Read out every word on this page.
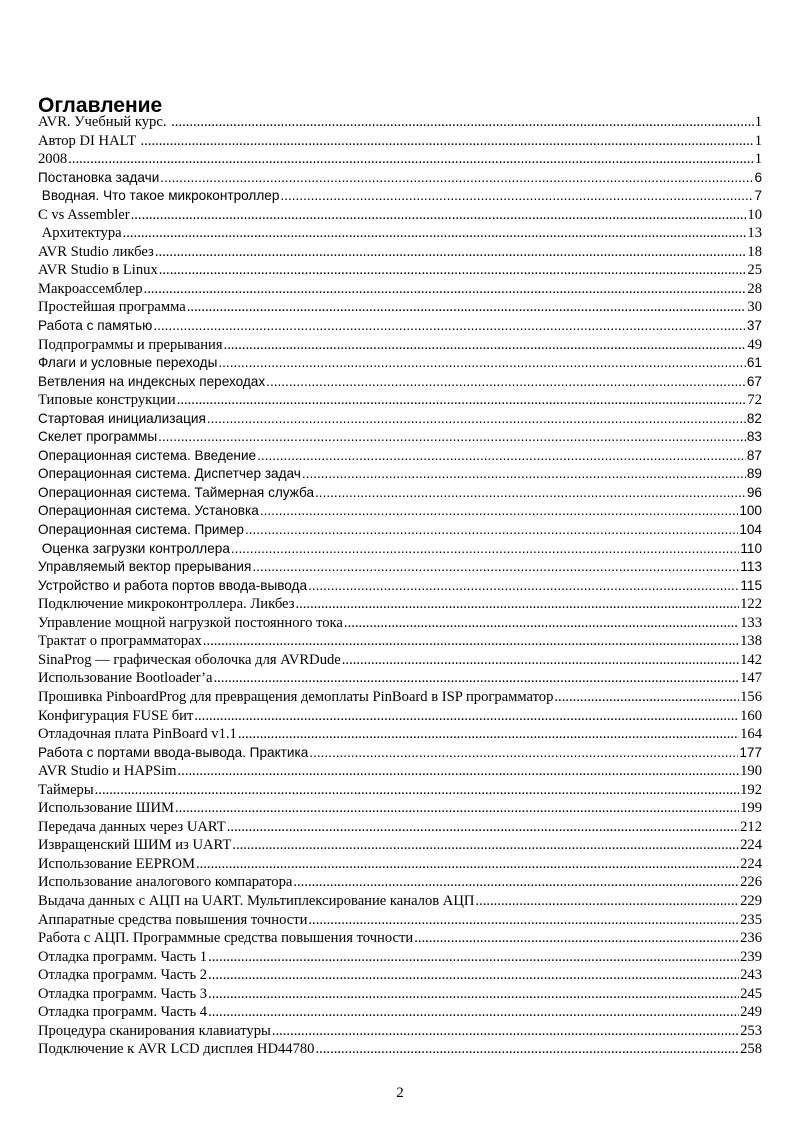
Оглавление
AVR. Учебный курс. .....	1
Автор DI HALT .....	1
2008 .....	1
Постановка задачи .....	6
Вводная. Что такое микроконтроллер .....	7
C vs Assembler .....	10
Архитектура .....	13
AVR Studio ликбез .....	18
AVR Studio в Linux .....	25
Макроассемблер .....	28
Простейшая программа .....	30
Работа с памятью .....	37
Подпрограммы и прерывания .....	49
Флаги и условные переходы .....	61
Ветвления на индексных переходах .....	67
Типовые конструкции .....	72
Стартовая инициализация .....	82
Скелет программы .....	83
Операционная система. Введение .....	87
Операционная система. Диспетчер задач .....	89
Операционная система. Таймерная служба .....	96
Операционная система. Установка .....	100
Операционная система. Пример .....	104
Оценка загрузки контроллера .....	110
Управляемый вектор прерывания .....	113
Устройство и работа портов ввода-вывода .....	115
Подключение микроконтроллера. Ликбез .....	122
Управление мощной нагрузкой постоянного тока .....	133
Трактат о программаторах .....	138
SinaProg — графическая оболочка для AVRDude .....	142
Использование Bootloader’а .....	147
Прошивка PinboardProg для превращения демоплаты PinBoard в ISP программатор .....	156
Конфигурация FUSE бит .....	160
Отладочная плата PinBoard v1.1 .....	164
Работа с портами ввода-вывода. Практика .....	177
AVR Studio и HAPSim .....	190
Таймеры .....	192
Использование ШИМ .....	199
Передача данных через UART .....	212
Извращенский ШИМ из UART .....	224
Использование EEPROM .....	224
Использование аналогового компаратора .....	226
Выдача данных с АЦП на UART. Мультиплексирование каналов АЦП .....	229
Аппаратные средства повышения точности .....	235
Работа с АЦП. Программные средства повышения точности .....	236
Отладка программ. Часть 1 .....	239
Отладка программ. Часть 2 .....	243
Отладка программ. Часть 3 .....	245
Отладка программ. Часть 4 .....	249
Процедура сканирования клавиатуры .....	253
Подключение к AVR LCD дисплея HD44780 .....	258
2
